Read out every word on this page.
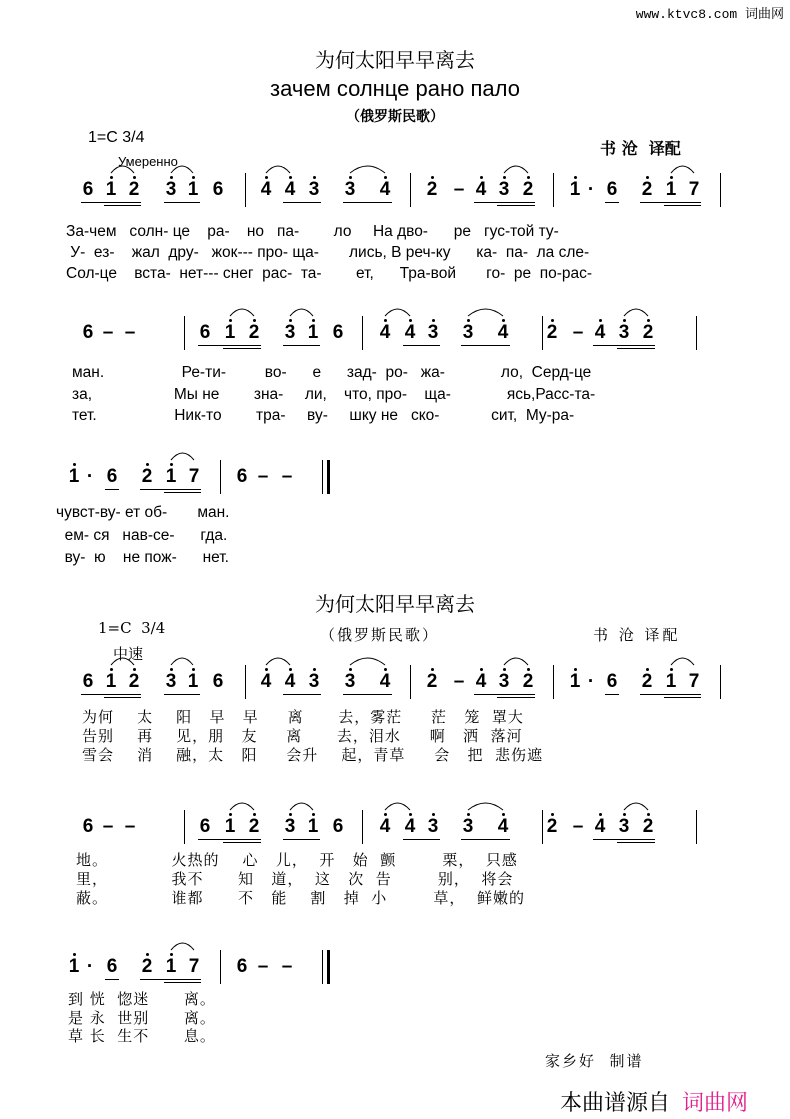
www.ktvc8.com 词曲网
为何太阳早早离去
зачем солнце рано пало
（俄罗斯民歌）
1=C 3/4
书 沧  译配
Умеренно
6 1 2 3 1 6 4 4 3 3 4 2 – 4 3 2 1 · 6 2 1 7
6 – –	6 1 2 3 1 6 4 4 3 3 4 2 – 4 3 2
1 · 6 2 1 7 6 – –
За-чем   солн- це    ра-    но   па-        ло     На дво-      ре   гус-той ту-
У-  ез-    жал  дру-   жок--- про- ща-       лись, В реч-ку      ка-  па-  ла сле-
Сол-це    вста-  нет--- снег  рас-  та-        ет,      Тра-вой       го-  ре  по-рас-
ман.                  Ре-ти-         во-      е      зад-  ро-   жа-             ло,  Серд-це
за,                   Мы не        зна-     ли,    что, про-    ща-             ясь,Расс-та-
тет.                  Ник-то        тра-     ву-     шку не   ско-            сит,  Му-ра-
чувст-ву- ет об-       ман.
ем- ся   нав-се-      гда.
ву-  ю    не пож-      нет.
为何太阳早早离去
1=C  3/4	（俄罗斯民歌）	书 沧 译配
中速
6 1 2 3 1 6 4 4 3 3 4 2 – 4 3 2 1 · 6 2 1 7
6 – –	6 1 2 3 1 6 4 4 3 3 4 2 – 4 3 2
1 · 6 2 1 7 6 – –
为何    太    阳   早   早     离      去，雾茫     茫   笼  罩大
告别    再    见，朋   友     离      去，泪水     啊   洒  落河
雪会    消    融，太   阳     会升    起，青草     会   把  悲伤遮
地。           火热的    心   儿，  开   始  颤        栗，  只感
里，           我不      知   道，  这   次  告        别，  将会
蔽。           谁都      不   能    割   掉  小        草，  鲜嫩的
到 恍  惚迷      离。
是 永  世别      离。
草 长  生不      息。
家乡好  制谱
本曲谱源自 词曲网
